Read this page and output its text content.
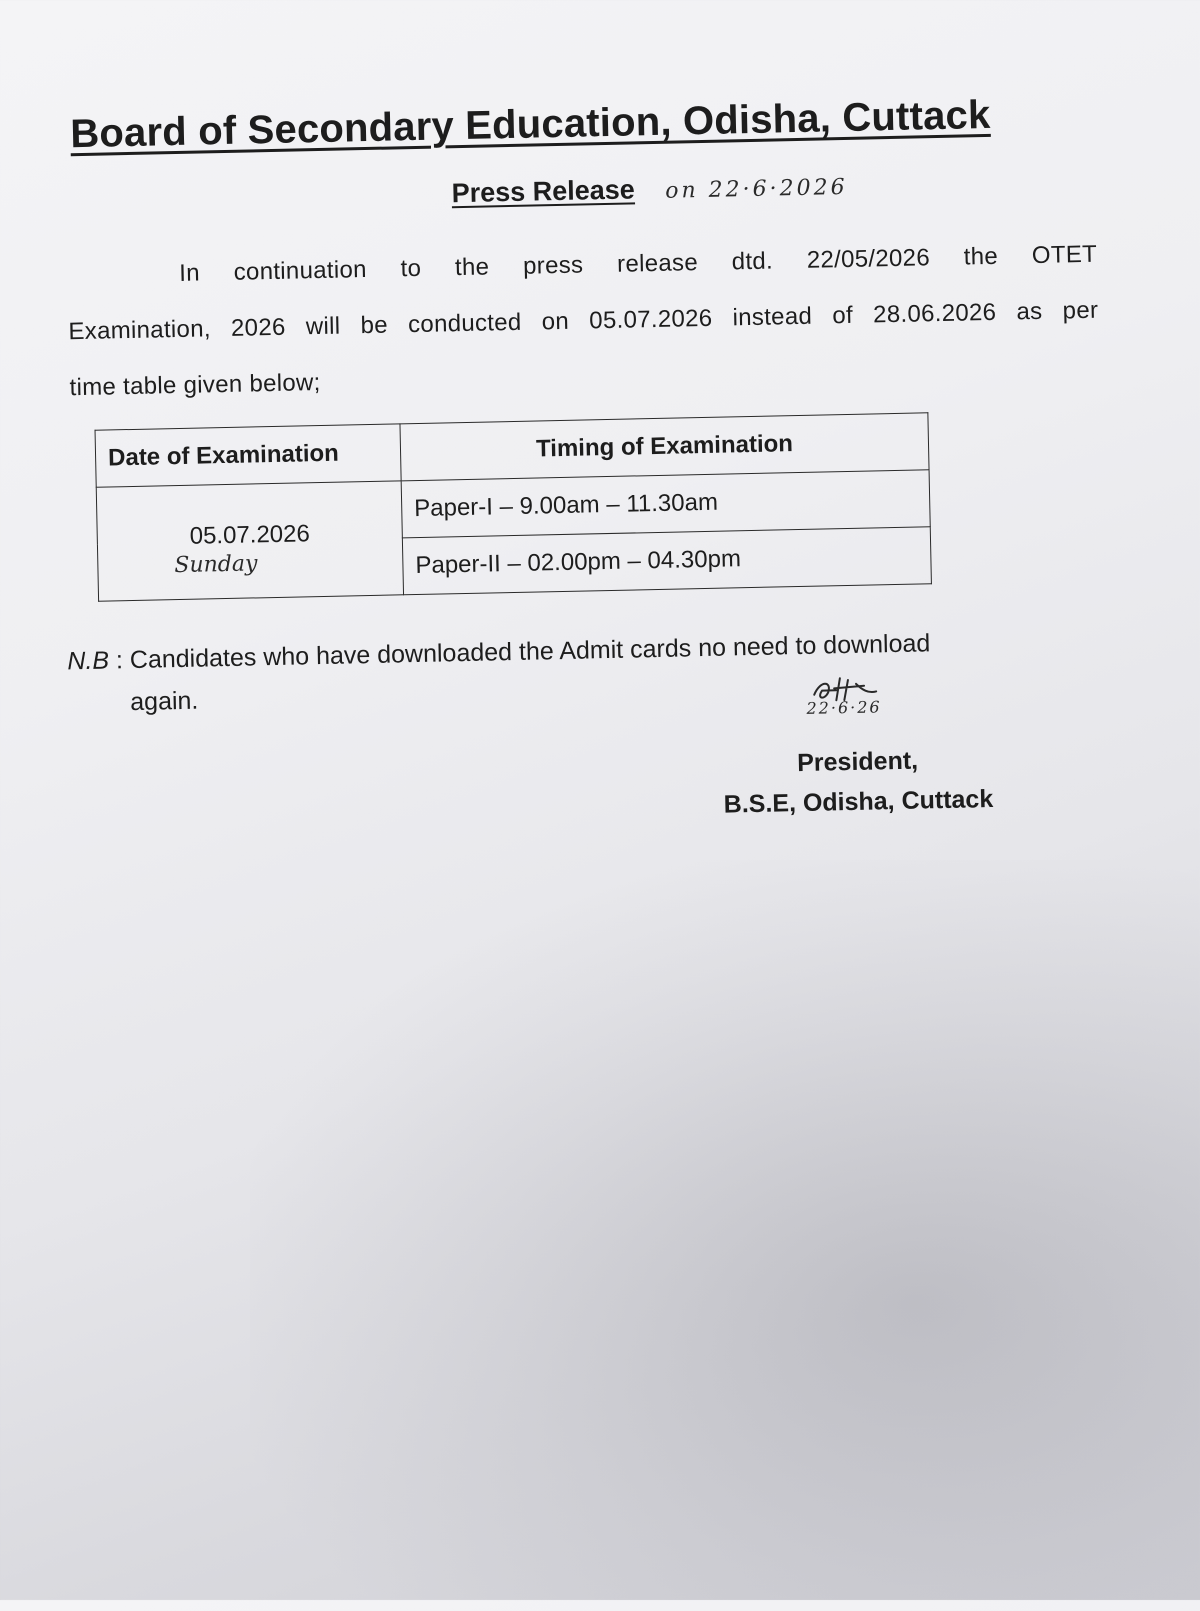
Board of Secondary Education, Odisha, Cuttack
Press Release on 22·6·2026

In continuation to the press release dtd. 22/05/2026 the OTET

Examination, 2026 will be conducted on 05.07.2026 instead of 28.06.2026 as per

time table given below;

Date of Examination	Timing of Examination

05.07.2026
Sunday	Paper-I – 9.00am – 11.30am
	Paper-II – 02.00pm – 04.30pm
N.B : Candidates who have downloaded the Admit cards no need to download
again.	22·6·26
President,
B.S.E, Odisha, Cuttack
